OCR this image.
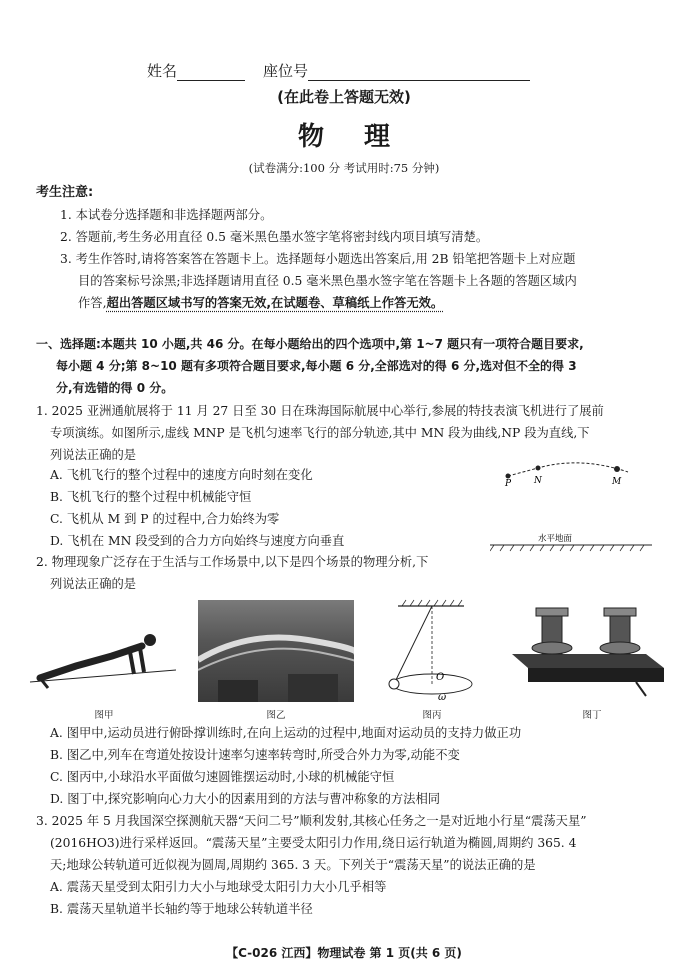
姓名	座位号
(在此卷上答题无效)
物理
(试卷满分:100 分 考试用时:75 分钟)
考生注意:
1. 本试卷分选择题和非选择题两部分。
2. 答题前,考生务必用直径 0.5 毫米黑色墨水签字笔将密封线内项目填写清楚。
3. 考生作答时,请将答案答在答题卡上。选择题每小题选出答案后,用 2B 铅笔把答题卡上对应题
目的答案标号涂黑;非选择题请用直径 0.5 毫米黑色墨水签字笔在答题卡上各题的答题区域内
作答,超出答题区域书写的答案无效,在试题卷、草稿纸上作答无效。
一、选择题:本题共 10 小题,共 46 分。在每小题给出的四个选项中,第 1~7 题只有一项符合题目要求,
每小题 4 分;第 8~10 题有多项符合题目要求,每小题 6 分,全部选对的得 6 分,选对但不全的得 3
分,有选错的得 0 分。
1. 2025 亚洲通航展将于 11 月 27 日至 30 日在珠海国际航展中心举行,参展的特技表演飞机进行了展前
专项演练。如图所示,虚线 MNP 是飞机匀速率飞行的部分轨迹,其中 MN 段为曲线,NP 段为直线,下
列说法正确的是
A. 飞机飞行的整个过程中的速度方向时刻在变化
B. 飞机飞行的整个过程中机械能守恒
C. 飞机从 M 到 P 的过程中,合力始终为零
D. 飞机在 MN 段受到的合力方向始终与速度方向垂直
P	N	M
水平地面
2. 物理现象广泛存在于生活与工作场景中,以下是四个场景的物理分析,下
列说法正确的是
图甲	图乙
O
ω
图丙	图丁
A. 图甲中,运动员进行俯卧撑训练时,在向上运动的过程中,地面对运动员的支持力做正功
B. 图乙中,列车在弯道处按设计速率匀速率转弯时,所受合外力为零,动能不变
C. 图丙中,小球沿水平面做匀速圆锥摆运动时,小球的机械能守恒
D. 图丁中,探究影响向心力大小的因素用到的方法与曹冲称象的方法相同
3. 2025 年 5 月我国深空探测航天器“天问二号”顺利发射,其核心任务之一是对近地小行星“震荡天星”
(2016HO3)进行采样返回。“震荡天星”主要受太阳引力作用,绕日运行轨道为椭圆,周期约 365. 4
天;地球公转轨道可近似视为圆周,周期约 365. 3 天。下列关于“震荡天星”的说法正确的是
A. 震荡天星受到太阳引力大小与地球受太阳引力大小几乎相等
B. 震荡天星轨道半长轴约等于地球公转轨道半径
【C-026 江西】物理试卷 第 1 页(共 6 页)
